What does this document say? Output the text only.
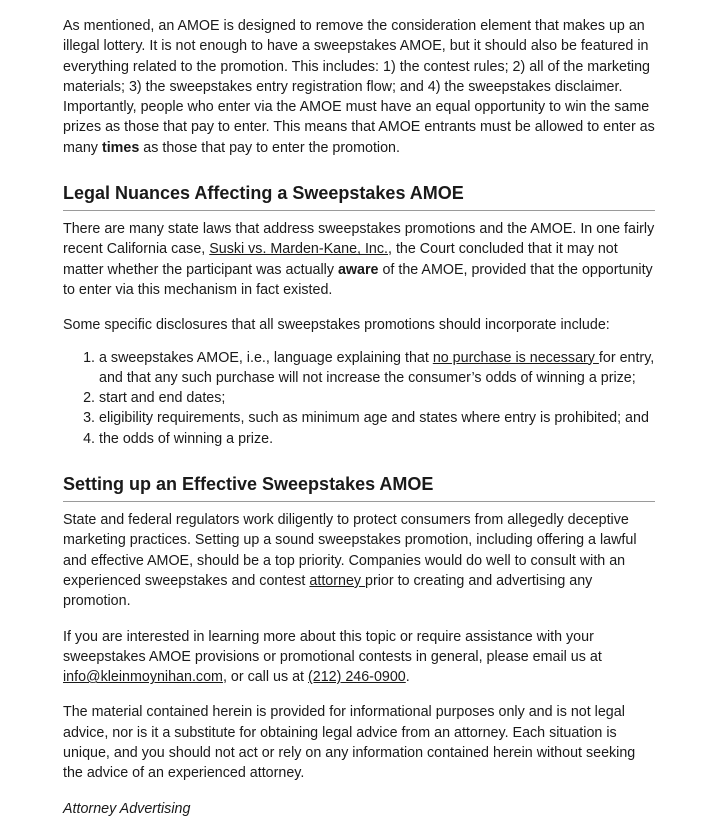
As mentioned, an AMOE is designed to remove the consideration element that makes up an illegal lottery. It is not enough to have a sweepstakes AMOE, but it should also be featured in everything related to the promotion. This includes: 1) the contest rules; 2) all of the marketing materials; 3) the sweepstakes entry registration flow; and 4) the sweepstakes disclaimer. Importantly, people who enter via the AMOE must have an equal opportunity to win the same prizes as those that pay to enter. This means that AMOE entrants must be allowed to enter as many times as those that pay to enter the promotion.

Legal Nuances Affecting a Sweepstakes AMOE

There are many state laws that address sweepstakes promotions and the AMOE. In one fairly recent California case, Suski vs. Marden-Kane, Inc., the Court concluded that it may not matter whether the participant was actually aware of the AMOE, provided that the opportunity to enter via this mechanism in fact existed.

Some specific disclosures that all sweepstakes promotions should incorporate include:

1. a sweepstakes AMOE, i.e., language explaining that no purchase is necessary for entry, and that any such purchase will not increase the consumer’s odds of winning a prize;
2. start and end dates;
3. eligibility requirements, such as minimum age and states where entry is prohibited; and
4. the odds of winning a prize.
Setting up an Effective Sweepstakes AMOE

State and federal regulators work diligently to protect consumers from allegedly deceptive marketing practices. Setting up a sound sweepstakes promotion, including offering a lawful and effective AMOE, should be a top priority. Companies would do well to consult with an experienced sweepstakes and contest attorney prior to creating and advertising any promotion.

If you are interested in learning more about this topic or require assistance with your sweepstakes AMOE provisions or promotional contests in general, please email us at info@kleinmoynihan.com, or call us at (212) 246-0900.

The material contained herein is provided for informational purposes only and is not legal advice, nor is it a substitute for obtaining legal advice from an attorney. Each situation is unique, and you should not act or rely on any information contained herein without seeking the advice of an experienced attorney.

Attorney Advertising
